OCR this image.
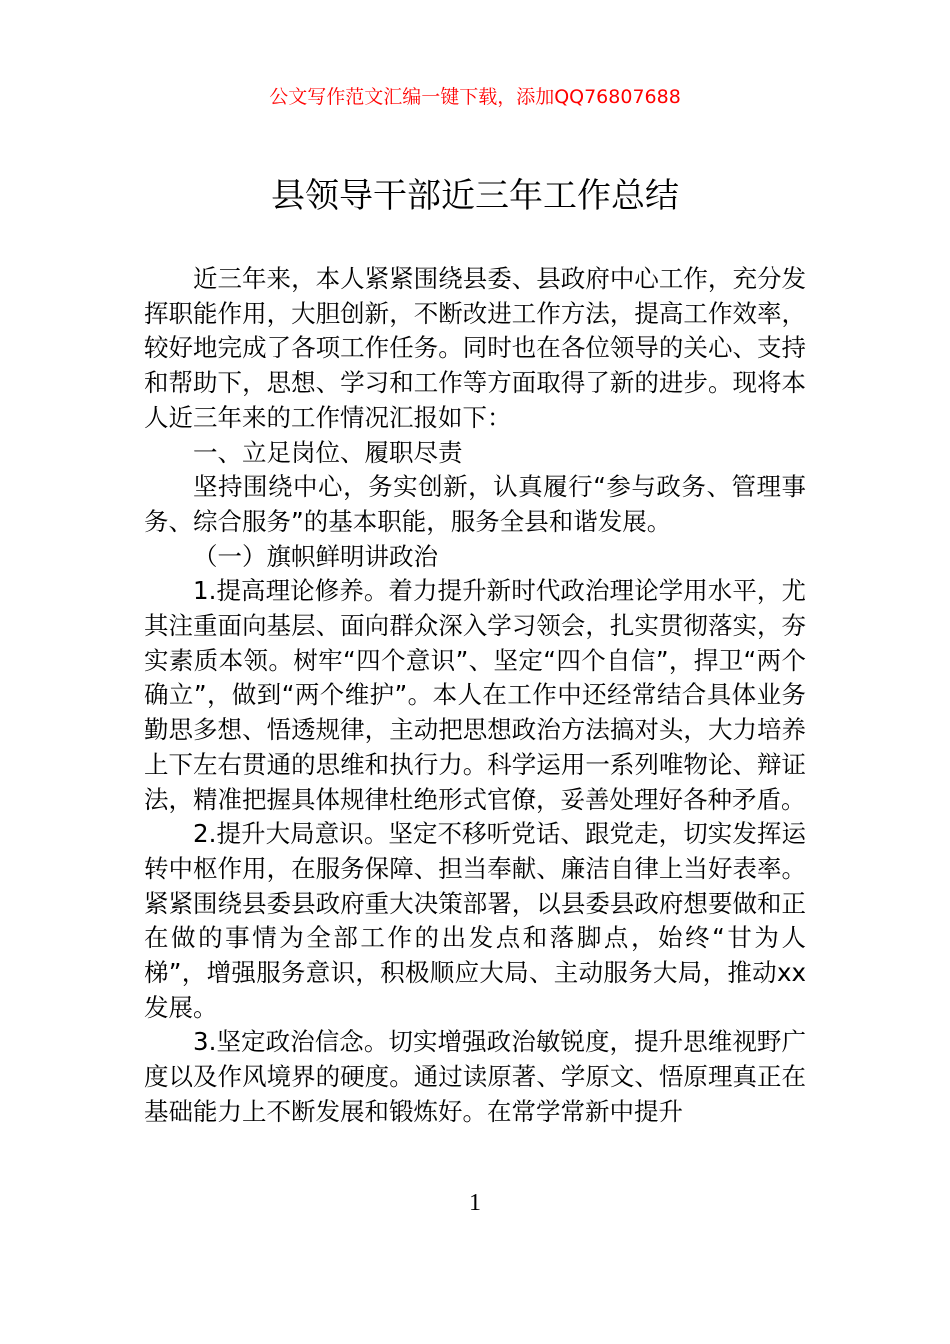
公文写作范文汇编一键下载，添加QQ76807688
县领导干部近三年工作总结

近三年来，本人紧紧围绕县委、县政府中心工作，充分发挥职能作用，大胆创新，不断改进工作方法，提高工作效率，较好地完成了各项工作任务。同时也在各位领导的关心、支持和帮助下，思想、学习和工作等方面取得了新的进步。现将本人近三年来的工作情况汇报如下：

一、立足岗位、履职尽责

坚持围绕中心，务实创新，认真履行“参与政务、管理事务、综合服务”的基本职能，服务全县和谐发展。

（一）旗帜鲜明讲政治

1.提高理论修养。着力提升新时代政治理论学用水平，尤其注重面向基层、面向群众深入学习领会，扎实贯彻落实，夯实素质本领。树牢“四个意识”、坚定“四个自信”，捍卫“两个确立”，做到“两个维护”。本人在工作中还经常结合具体业务勤思多想、悟透规律，主动把思想政治方法搞对头，大力培养上下左右贯通的思维和执行力。科学运用一系列唯物论、辩证法，精准把握具体规律杜绝形式官僚，妥善处理好各种矛盾。

2.提升大局意识。坚定不移听党话、跟党走，切实发挥运转中枢作用，在服务保障、担当奉献、廉洁自律上当好表率。紧紧围绕县委县政府重大决策部署，以县委县政府想要做和正在做的事情为全部工作的出发点和落脚点，始终“甘为人梯”，增强服务意识，积极顺应大局、主动服务大局，推动xx发展。

3.坚定政治信念。切实增强政治敏锐度，提升思维视野广度以及作风境界的硬度。通过读原著、学原文、悟原理真正在基础能力上不断发展和锻炼好。在常学常新中提升

1
